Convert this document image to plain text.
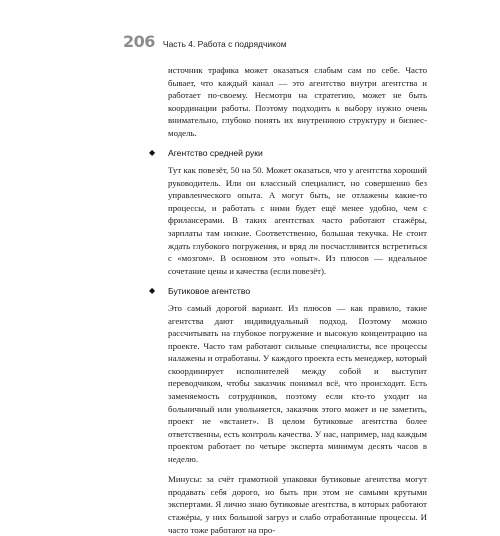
206 Часть 4. Работа с подрядчиком

источник трафика может оказаться слабым сам по себе. Часто бывает, что каждый канал — это агентство внутри агентства и работает по-своему. Несмотря на стратегию, может не быть координации работы. Поэтому подходить к выбору нужно очень внимательно, глубоко понять их внутреннюю структуру и бизнес-модель.

◆ Агентство средней руки

Тут как повезёт, 50 на 50. Может оказаться, что у агентства хороший руководитель. Или он классный специалист, но совершенно без управленческого опыта. А могут быть, не отлажены какие-то процессы, и работать с ними будет ещё менее удобно, чем с фрилансерами. В таких агентствах часто работают стажёры, зарплаты там низкие. Соответственно, большая текучка. Не стоит ждать глубокого погружения, и вряд ли посчастливится встретиться с «мозгом». В основном это «опыт». Из плюсов — идеальное сочетание цены и качества (если повезёт).

◆ Бутиковое агентство

Это самый дорогой вариант. Из плюсов — как правило, такие агентства дают индивидуальный подход. Поэтому можно рассчитывать на глубокое погружение и высокую концентрацию на проекте. Часто там работают сильные специалисты, все процессы налажены и отработаны. У каждого проекта есть менеджер, который скоординирует исполнителей между собой и выступит переводчиком, чтобы заказчик понимал всё, что происходит. Есть заменяемость сотрудников, поэтому если кто-то уходит на больничный или увольняется, заказчик этого может и не заметить, проект не «встанет». В целом бутиковые агентства более ответственны, есть контроль качества. У нас, например, над каждым проектом работает по четыре эксперта минимум десять часов в неделю.

Минусы: за счёт грамотной упаковки бутиковые агентства могут продавать себя дорого, но быть при этом не самыми крутыми экспертами. Я лично знаю бутиковые агентства, в которых работают стажёры, у них большой загруз и слабо отработанные процессы. И часто тоже работают на про-
